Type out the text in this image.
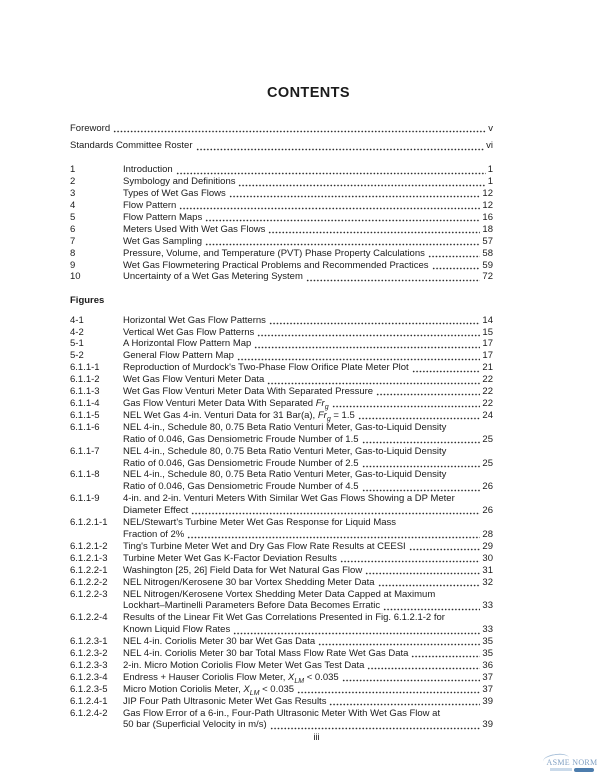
CONTENTS
Foreword	v
Standards Committee Roster	vi
1	Introduction	1
2	Symbology and Definitions	1
3	Types of Wet Gas Flows	12
4	Flow Pattern	12
5	Flow Pattern Maps	16
6	Meters Used With Wet Gas Flows	18
7	Wet Gas Sampling	57
8	Pressure, Volume, and Temperature (PVT) Phase Property Calculations	58
9	Wet Gas Flowmetering Practical Problems and Recommended Practices	59
10	Uncertainty of a Wet Gas Metering System	72
Figures
4-1	Horizontal Wet Gas Flow Patterns	14
4-2	Vertical Wet Gas Flow Patterns	15
5-1	A Horizontal Flow Pattern Map	17
5-2	General Flow Pattern Map	17
6.1.1-1	Reproduction of Murdock's Two-Phase Flow Orifice Plate Meter Plot	21
6.1.1-2	Wet Gas Flow Venturi Meter Data	22
6.1.1-3	Wet Gas Flow Venturi Meter Data With Separated Pressure	22
6.1.1-4	Gas Flow Venturi Meter Data With Separated $Fr_g$	22
6.1.1-5	NEL Wet Gas 4-in. Venturi Data for 31 Bar(a), $Fr_g = 1.5$	24
6.1.1-6	NEL 4-in., Schedule 80, 0.75 Beta Ratio Venturi Meter, Gas-to-Liquid Density
Ratio of 0.046, Gas Densiometric Froude Number of 1.5	25
6.1.1-7	NEL 4-in., Schedule 80, 0.75 Beta Ratio Venturi Meter, Gas-to-Liquid Density
Ratio of 0.046, Gas Densiometric Froude Number of 2.5	25
6.1.1-8	NEL 4-in., Schedule 80, 0.75 Beta Ratio Venturi Meter, Gas-to-Liquid Density
Ratio of 0.046, Gas Densiometric Froude Number of 4.5	26
6.1.1-9	4-in. and 2-in. Venturi Meters With Similar Wet Gas Flows Showing a DP Meter
Diameter Effect	26
6.1.2.1-1	NEL/Stewart's Turbine Meter Wet Gas Response for Liquid Mass
Fraction of 2%	28
6.1.2.1-2	Ting's Turbine Meter Wet and Dry Gas Flow Rate Results at CEESI	29
6.1.2.1-3	Turbine Meter Wet Gas K-Factor Deviation Results	30
6.1.2.2-1	Washington [25, 26] Field Data for Wet Natural Gas Flow	31
6.1.2.2-2	NEL Nitrogen/Kerosene 30 bar Vortex Shedding Meter Data	32
6.1.2.2-3	NEL Nitrogen/Kerosene Vortex Shedding Meter Data Capped at Maximum
Lockhart–Martinelli Parameters Before Data Becomes Erratic	33
6.1.2.2-4	Results of the Linear Fit Wet Gas Correlations Presented in Fig. 6.1.2.1-2 for
Known Liquid Flow Rates	33
6.1.2.3-1	NEL 4-in. Coriolis Meter 30 bar Wet Gas Data	35
6.1.2.3-2	NEL 4-in. Coriolis Meter 30 bar Total Mass Flow Rate Wet Gas Data	35
6.1.2.3-3	2-in. Micro Motion Coriolis Flow Meter Wet Gas Test Data	36
6.1.2.3-4	Endress + Hauser Coriolis Flow Meter, $X_{LM} < 0.035$	37
6.1.2.3-5	Micro Motion Coriolis Meter, $X_{LM} < 0.035$	37
6.1.2.4-1	JIP Four Path Ultrasonic Meter Wet Gas Results	39
6.1.2.4-2	Gas Flow Error of a 6-in., Four-Path Ultrasonic Meter With Wet Gas Flow at
50 bar (Superficial Velocity in m/s)	39
iii
ASME NORM
